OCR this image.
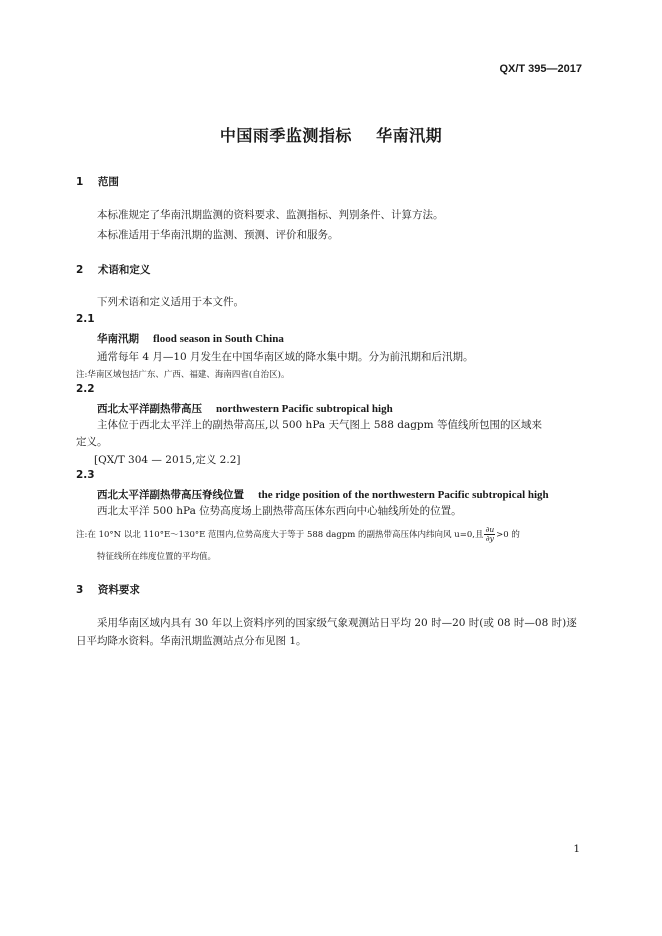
QX/T 395—2017
中国雨季监测指标    华南汛期
1    范围
本标准规定了华南汛期监测的资料要求、监测指标、判别条件、计算方法。
本标准适用于华南汛期的监测、预测、评价和服务。
2    术语和定义
下列术语和定义适用于本文件。
2.1
华南汛期 flood season in South China
通常每年 4 月—10 月发生在中国华南区域的降水集中期。分为前汛期和后汛期。
注:华南区域包括广东、广西、福建、海南四省(自治区)。
2.2
西北太平洋副热带高压 northwestern Pacific subtropical high
主体位于西北太平洋上的副热带高压,以 500 hPa 天气图上 588 dagpm 等值线所包围的区域来
定义。
[QX/T 304 — 2015,定义 2.2]
2.3
西北太平洋副热带高压脊线位置 the ridge position of the northwestern Pacific subtropical high
西北太平洋 500 hPa 位势高度场上副热带高压体东西向中心轴线所处的位置。
注:在 10°N 以北 110°E～130°E 范围内,位势高度大于等于 588 dagpm 的副热带高压体内纬向风 u=0,且 $\frac{\partial u}{\partial y} >0$ 的
特征线所在纬度位置的平均值。
3    资料要求
采用华南区域内具有 30 年以上资料序列的国家级气象观测站日平均 20 时—20 时(或 08 时—08 时)逐日平均降水资料。华南汛期监测站点分布见图 1。
1
